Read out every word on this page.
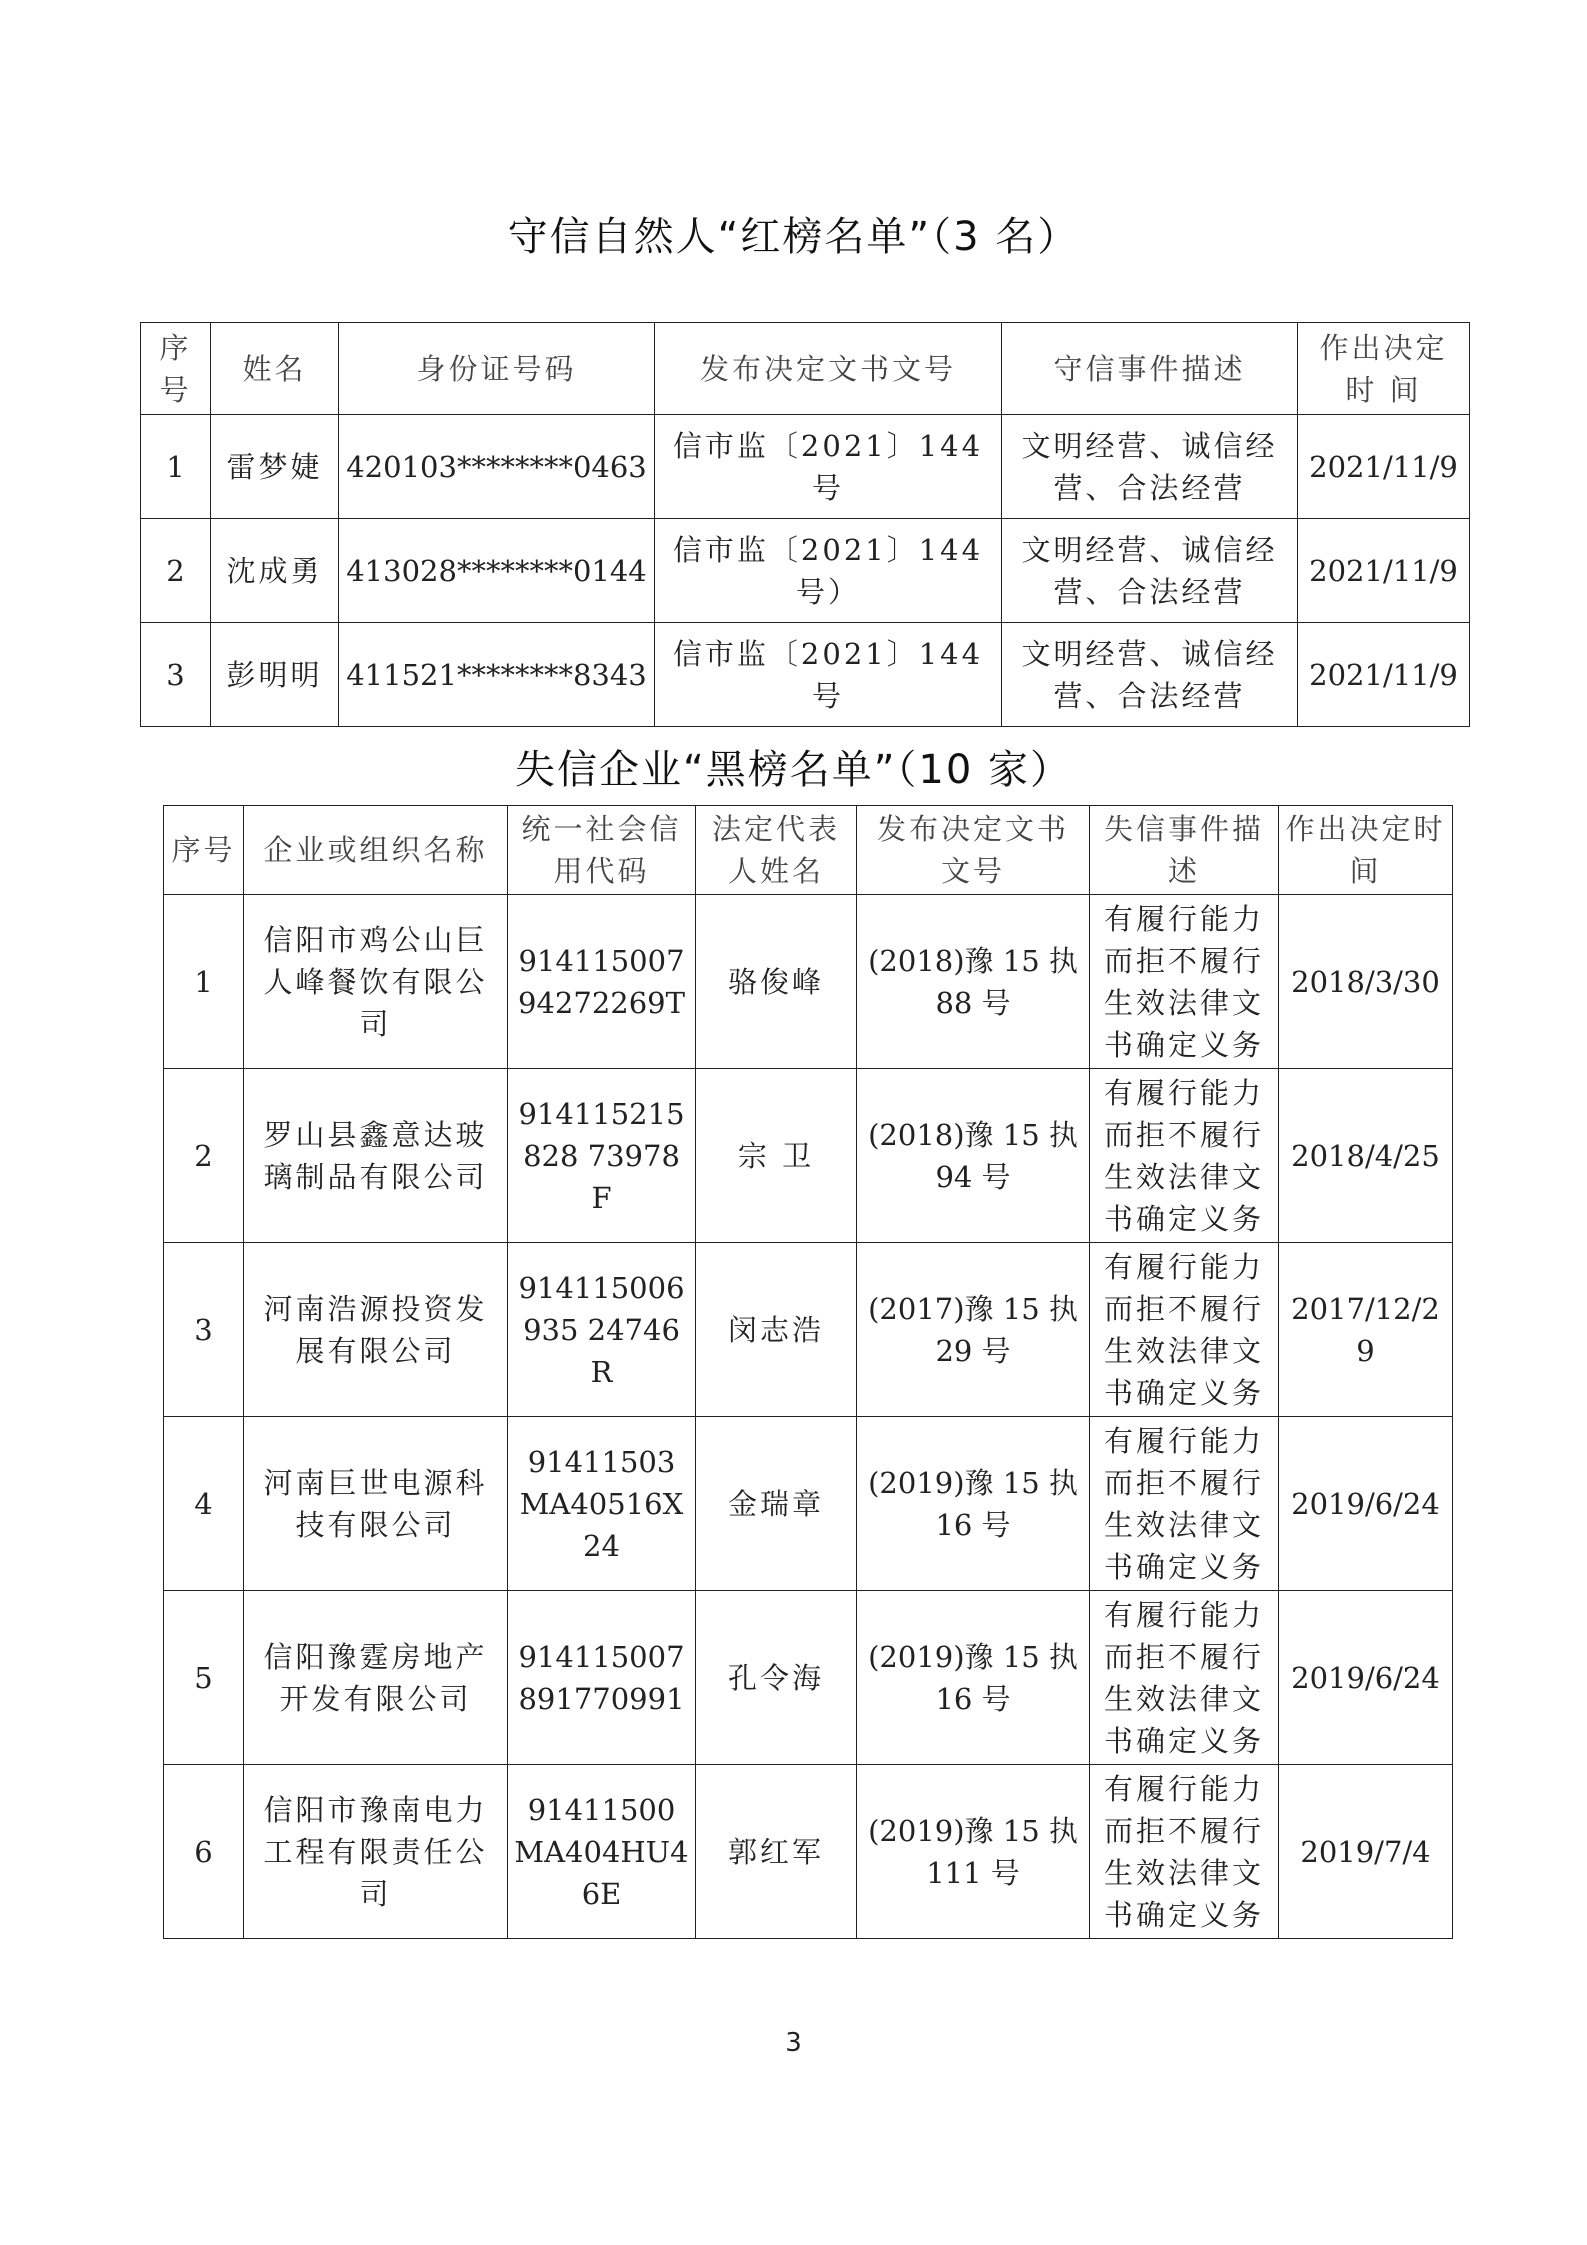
守信自然人“红榜名单”（3 名）
序号	姓名	身份证号码	发布决定文书文号	守信事件描述	作出决定时 间
1	雷梦婕	420103********0463	信市监〔2021〕144 号	文明经营、诚信经营、合法经营	2021/11/9
2	沈成勇	413028********0144	信市监〔2021〕144 号）	文明经营、诚信经营、合法经营	2021/11/9
3	彭明明	411521********8343	信市监〔2021〕144 号	文明经营、诚信经营、合法经营	2021/11/9
失信企业“黑榜名单”（10 家）
序号	企业或组织名称	统一社会信用代码	法定代表人姓名	发布决定文书文号	失信事件描 述	作出决定时 间
1	信阳市鸡公山巨人峰餐饮有限公司	91411500794272269T	骆俊峰	(2018)豫 15 执 88 号	有履行能力而拒不履行生效法律文书确定义务	2018/3/30
2	罗山县鑫意达玻璃制品有限公司	914115215828 73978F	宗 卫	(2018)豫 15 执 94 号	有履行能力而拒不履行生效法律文书确定义务	2018/4/25
3	河南浩源投资发展有限公司	914115006935 24746R	闵志浩	(2017)豫 15 执 29 号	有履行能力而拒不履行生效法律文书确定义务	2017/12/29
4	河南巨世电源科技有限公司	91411503MA40516X24	金瑞章	(2019)豫 15 执 16 号	有履行能力而拒不履行生效法律文书确定义务	2019/6/24
5	信阳豫霆房地产开发有限公司	914115007891770991	孔令海	(2019)豫 15 执 16 号	有履行能力而拒不履行生效法律文书确定义务	2019/6/24
6	信阳市豫南电力工程有限责任公司	91411500MA404HU46E	郭红军	(2019)豫 15 执 111 号	有履行能力而拒不履行生效法律文书确定义务	2019/7/4
3
